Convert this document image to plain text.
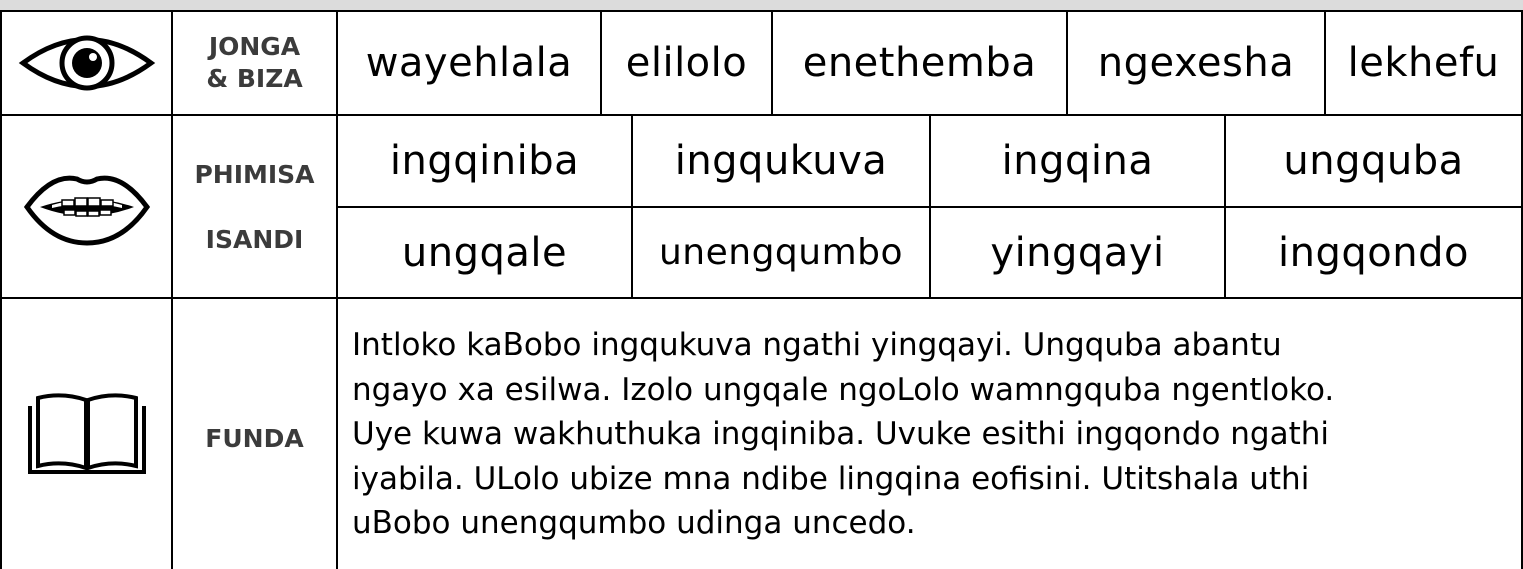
JONGA
& BIZA	wayehlala	elilolo	enethemba	ngexesha	lekhefu
PHIMISA
ISANDI
ingqiniba	ingqukuva	ingqina	ungquba
ungqale	unengqumbo	yingqayi	ingqondo
FUNDA
Intloko kaBobo ingqukuva ngathi yingqayi. Ungquba abantu
ngayo xa esilwa. Izolo ungqale ngoLolo wamngquba ngentloko.
Uye kuwa wakhuthuka ingqiniba. Uvuke esithi ingqondo ngathi
iyabila. ULolo ubize mna ndibe lingqina eofisini. Utitshala uthi
uBobo unengqumbo udinga uncedo.
